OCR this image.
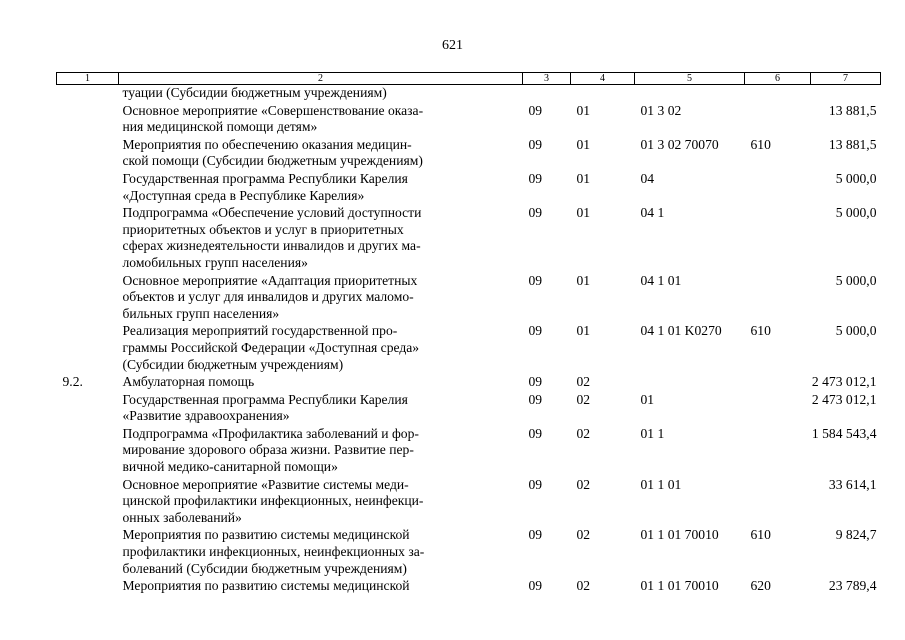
621
1	2	3	4	5	6	7

	туации (Субсидии бюджетным учреждениям)					

	Основное мероприятие «Совершенствование оказа-
ния медицинской помощи детям»	09	01	01 3 02		13 881,5

	Мероприятия по обеспечению оказания медицин-
ской помощи (Субсидии бюджетным учреждениям)	09	01	01 3 02 70070	610	13 881,5

	Государственная программа Республики Карелия
«Доступная среда в Республике Карелия»	09	01	04		5 000,0

	Подпрограмма «Обеспечение условий доступности
приоритетных объектов и услуг в приоритетных
сферах жизнедеятельности инвалидов и других ма-
ломобильных групп населения»	09	01	04 1		5 000,0

	Основное мероприятие «Адаптация приоритетных
объектов и услуг для инвалидов и других маломо-
бильных групп населения»	09	01	04 1 01		5 000,0

	Реализация мероприятий государственной про-
граммы Российской Федерации «Доступная среда»
(Субсидии бюджетным учреждениям)	09	01	04 1 01 K0270	610	5 000,0
9.2.	Амбулаторная помощь	09	02			2 473 012,1

	Государственная программа Республики Карелия
«Развитие здравоохранения»	09	02	01		2 473 012,1

	Подпрограмма «Профилактика заболеваний и фор-
мирование здорового образа жизни. Развитие пер-
вичной медико-санитарной помощи»	09	02	01 1		1 584 543,4

	Основное мероприятие «Развитие системы меди-
цинской профилактики инфекционных, неинфекци-
онных заболеваний»	09	02	01 1 01		33 614,1

	Мероприятия по развитию системы медицинской
профилактики инфекционных, неинфекционных за-
болеваний (Субсидии бюджетным учреждениям)	09	02	01 1 01 70010	610	9 824,7

	Мероприятия по развитию системы медицинской	09	02	01 1 01 70010	620	23 789,4
